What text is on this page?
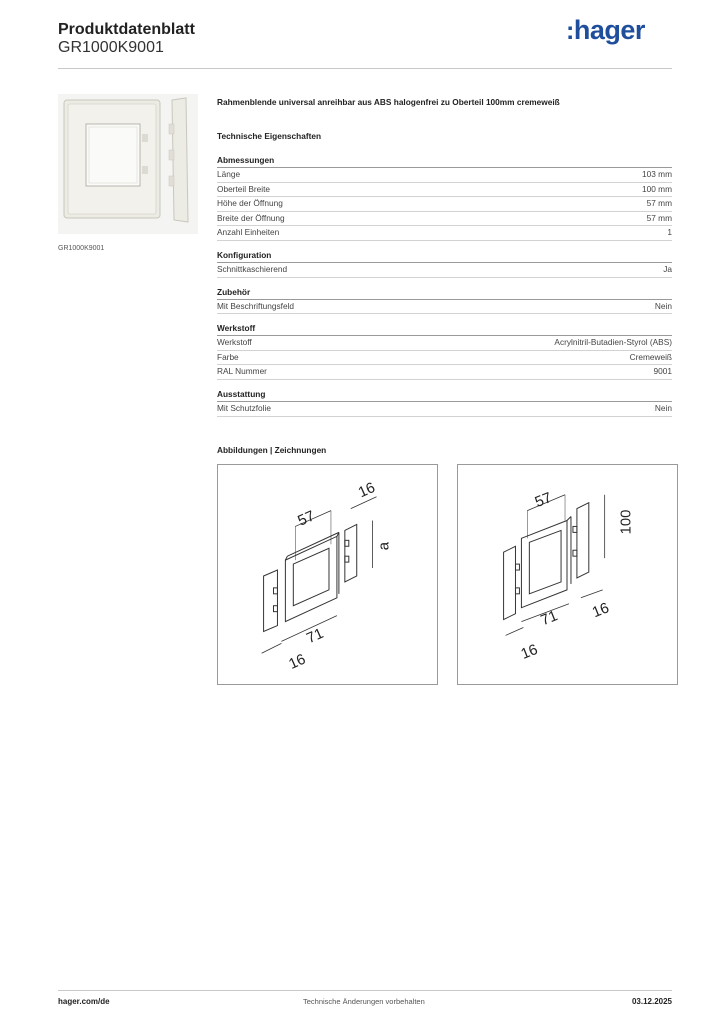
Produktdatenblatt
GR1000K9001
:hager
GR1000K9001
Rahmenblende universal anreihbar aus ABS halogenfrei zu Oberteil 100mm cremeweiß
Technische Eigenschaften
Abmessungen
Länge	103 mm
Oberteil Breite	100 mm
Höhe der Öffnung	57 mm
Breite der Öffnung	57 mm
Anzahl Einheiten	1
Konfiguration
Schnittkaschierend	Ja
Zubehör
Mit Beschriftungsfeld	Nein
Werkstoff
Werkstoff	Acrylnitril-Butadien-Styrol (ABS)
Farbe	Cremeweiß
RAL Nummer	9001
Ausstattung
Mit Schutzfolie	Nein
Abbildungen | Zeichnungen
57
16
a
71
16
57
100
71 16
16
hager.com/de	Technische Änderungen vorbehalten	03.12.2025
